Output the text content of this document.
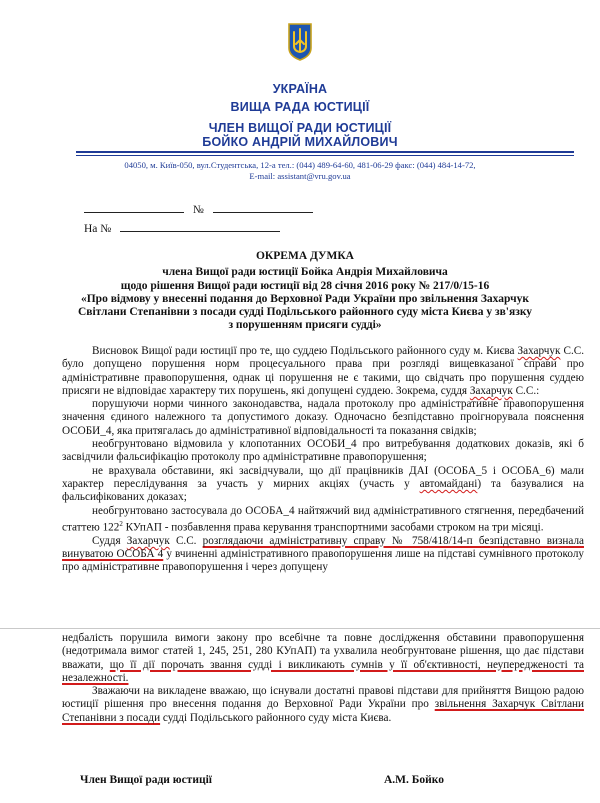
УКРАЇНА
ВИЩА РАДА ЮСТИЦІЇ
ЧЛЕН ВИЩОЇ РАДИ ЮСТИЦІЇ
БОЙКО АНДРІЙ МИХАЙЛОВИЧ
04050, м. Київ-050, вул.Студентська, 12-а тел.: (044) 489-64-60, 481-06-29 факс: (044) 484-14-72,
E-mail: assistant@vru.gov.ua
№
На №
ОКРЕМА ДУМКА
члена Вищої ради юстиції Бойка Андрія Михайловича
щодо рішення Вищої ради юстиції від 28 січня 2016 року № 217/0/15-16
«Про відмову у внесенні подання до Верховної Ради України про звільнення Захарчук
Світлани Степанівни з посади судді Подільського районного суду міста Києва у зв'язку
з порушенням присяги судді»

Висновок Вищої ради юстиції про те, що суддею Подільського районного суду м. Києва Захарчук С.С. було допущено порушення норм процесуального права при розгляді вищевказаної справи про адміністративне правопорушення, однак ці порушення не є такими, що свідчать про порушення суддею присяги не відповідає характеру тих порушень, які допущені суддею. Зокрема, суддя Захарчук С.С.:

порушуючи норми чинного законодавства, надала протоколу про адміністративне правопорушення значення єдиного належного та допустимого доказу. Одночасно безпідставно проігнорувала пояснення ОСОБИ_4, яка притягалась до адміністративної відповідальності та показання свідків;

необгрунтовано відмовила у клопотанних ОСОБИ_4 про витребування додаткових доказів, які б засвідчили фальсифікацію протоколу про адміністративне правопорушення;

не врахувала обставини, які засвідчували, що дії працівників ДАІ (ОСОБА_5 і ОСОБА_6) мали характер переслідування за участь у мирних акціях (участь у автомайдані) та базувалися на фальсифікованих доказах;

необгрунтовано застосувала до ОСОБА_4 найтяжчий вид адміністративного стягнення, передбачений статтею $122^2$ КУпАП - позбавлення права керування транспортними засобами строком на три місяці.

Суддя Захарчук С.С. розглядаючи адміністративну справу № 758/418/14-п безпідставно визнала винуватою ОСОБА 4 у вчиненні адміністративного правопорушення лише на підставі сумнівного протоколу про адміністративне правопорушення і через допущену

недбалість порушила вимоги закону про всебічне та повне дослідження обставини правопорушення (недотримала вимог статей 1, 245, 251, 280 КУпАП) та ухвалила необгрунтоване рішення, що дає підстави вважати, що її дії порочать звання судді і викликають сумнів у її об'єктивності, неупередженості та незалежності.

Зважаючи на викладене вважаю, що існували достатні правові підстави для прийняття Вищою радою юстиції рішення про внесення подання до Верховної Ради України про звільнення Захарчук Світлани Степанівни з посади судді Подільського районного суду міста Києва.

Член Вищої ради юстиції	А.М. Бойко
